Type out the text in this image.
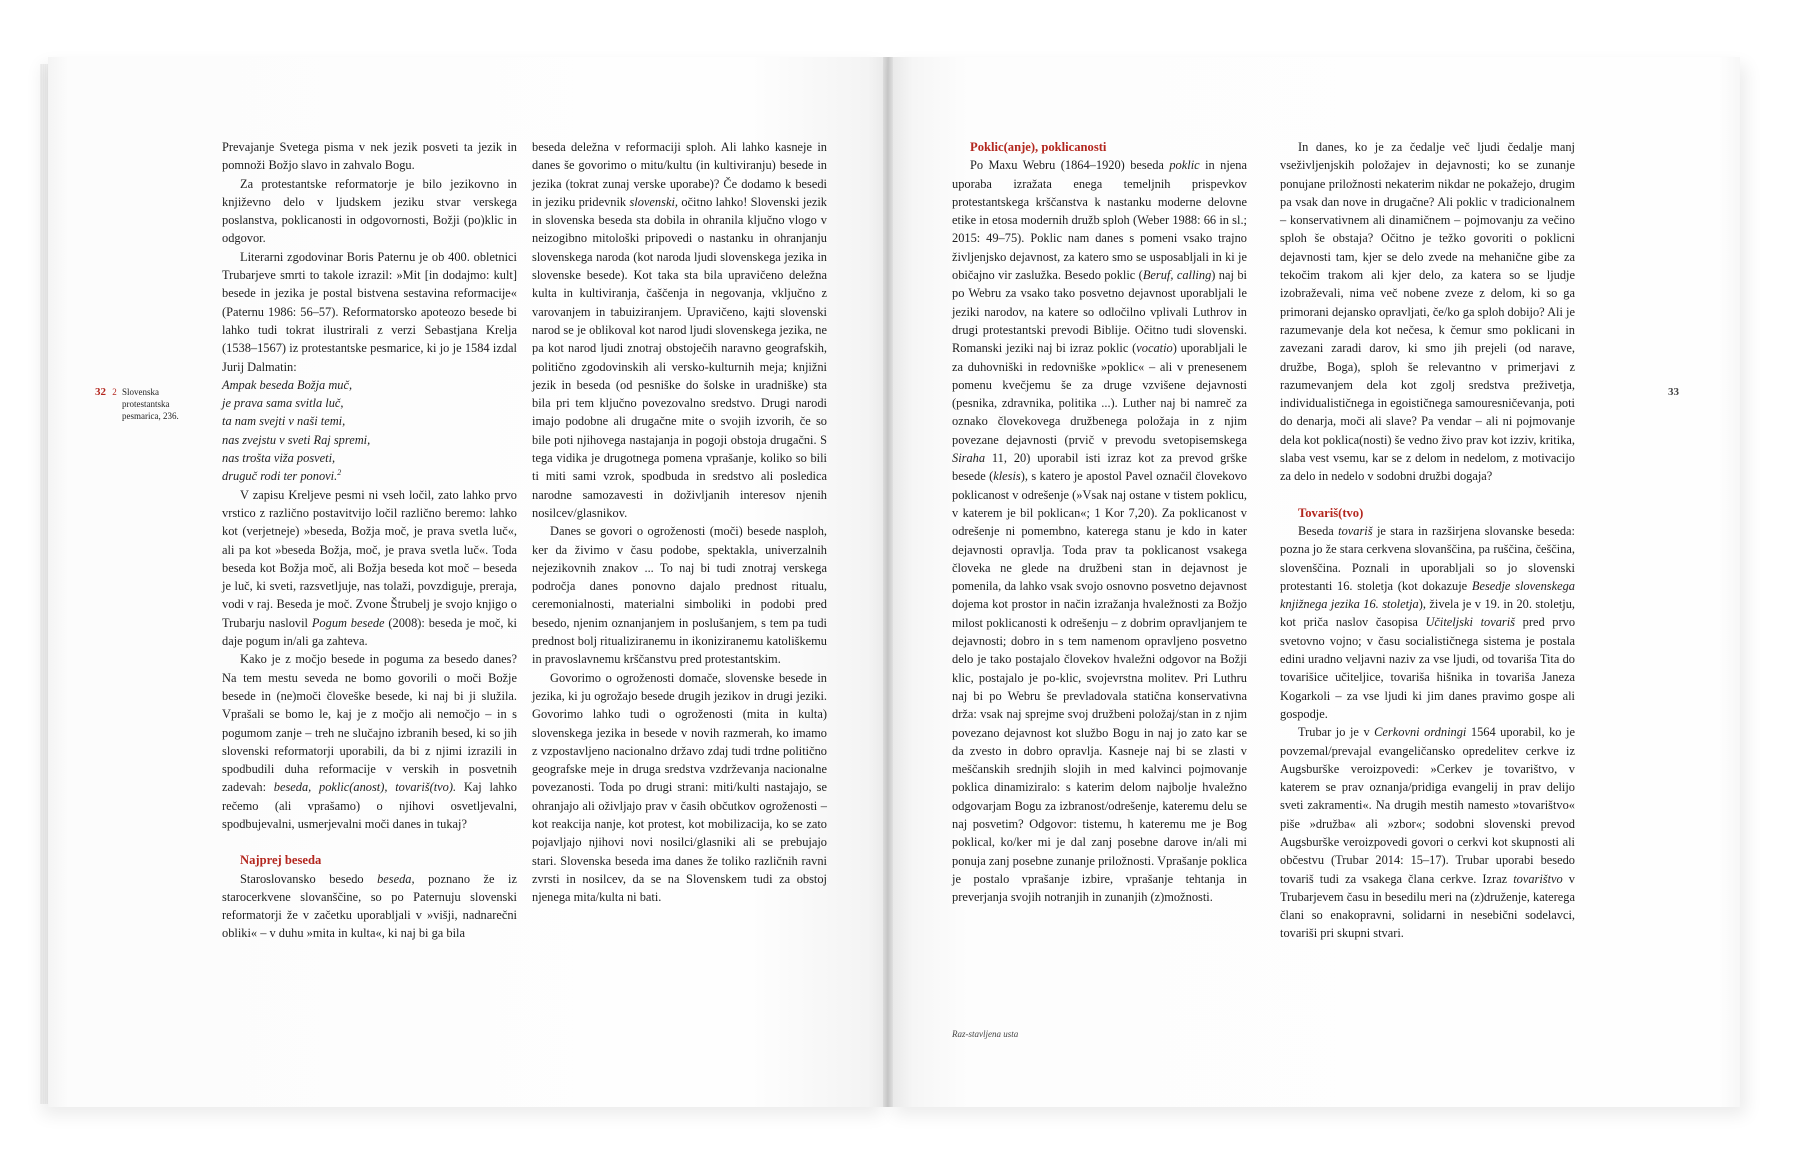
32 2 Slovenska protestantska pesmarica, 236.

Prevajanje Svetega pisma v nek jezik posveti ta jezik in pomnoži Božjo slavo in zahvalo Bogu.

Za protestantske reformatorje je bilo jezikovno in književno delo v ljudskem jeziku stvar verskega poslanstva, poklicanosti in odgovornosti, Božji (po)klic in odgovor.

Literarni zgodovinar Boris Paternu je ob 400. obletnici Trubarjeve smrti to takole izrazil: »Mit [in dodajmo: kult] besede in jezika je postal bistvena sestavina reformacije« (Paternu 1986: 56–57). Reformatorsko apoteozo besede bi lahko tudi tokrat ilustrirali z verzi Sebastjana Krelja (1538–1567) iz protestantske pesmarice, ki jo je 1584 izdal Jurij Dalmatin:

Ampak beseda Božja muč,

je prava sama svitla luč,

ta nam svejti v naši temi,

nas zvejstu v sveti Raj spremi,

nas trošta viža posveti,

druguč rodi ter ponovi.$^2$

V zapisu Kreljeve pesmi ni vseh ločil, zato lahko prvo vrstico z različno postavitvijo ločil različno beremo: lahko kot (verjetneje) »beseda, Božja moč, je prava svetla luč«, ali pa kot »beseda Božja, moč, je prava svetla luč«. Toda beseda kot Božja moč, ali Božja beseda kot moč – beseda je luč, ki sveti, razsvetljuje, nas tolaži, povzdiguje, preraja, vodi v raj. Beseda je moč. Zvone Štrubelj je svojo knjigo o Trubarju naslovil Pogum besede (2008): beseda je moč, ki daje pogum in/ali ga zahteva.

Kako je z močjo besede in poguma za besedo danes? Na tem mestu seveda ne bomo govorili o moči Božje besede in (ne)moči človeške besede, ki naj bi ji služila. Vprašali se bomo le, kaj je z močjo ali nemočjo – in s pogumom zanje – treh ne slučajno izbranih besed, ki so jih slovenski reformatorji uporabili, da bi z njimi izrazili in spodbudili duha reformacije v verskih in posvetnih zadevah: beseda, poklic(anost), tovariš(tvo). Kaj lahko rečemo (ali vprašamo) o njihovi osvetljevalni, spodbujevalni, usmerjevalni moči danes in tukaj?

Najprej beseda

Staroslovansko besedo beseda, poznano že iz starocerkvene slovanščine, so po Paternuju slovenski reformatorji že v začetku uporabljali v »višji, nadnarečni obliki« – v duhu »mita in kulta«, ki naj bi ga bila

beseda deležna v reformaciji sploh. Ali lahko kasneje in danes še govorimo o mitu/kultu (in kultiviranju) besede in jezika (tokrat zunaj verske uporabe)? Če dodamo k besedi in jeziku pridevnik slovenski, očitno lahko! Slovenski jezik in slovenska beseda sta dobila in ohranila ključno vlogo v neizogibno mitološki pripovedi o nastanku in ohranjanju slovenskega naroda (kot naroda ljudi slovenskega jezika in slovenske besede). Kot taka sta bila upravičeno deležna kulta in kultiviranja, čaščenja in negovanja, vključno z varovanjem in tabuiziranjem. Upravičeno, kajti slovenski narod se je oblikoval kot narod ljudi slovenskega jezika, ne pa kot narod ljudi znotraj obstoječih naravno geografskih, politično zgodovinskih ali versko-kulturnih meja; knjižni jezik in beseda (od pesniške do šolske in uradniške) sta bila pri tem ključno povezovalno sredstvo. Drugi narodi imajo podobne ali drugačne mite o svojih izvorih, če so bile poti njihovega nastajanja in pogoji obstoja drugačni. S tega vidika je drugotnega pomena vprašanje, koliko so bili ti miti sami vzrok, spodbuda in sredstvo ali posledica narodne samozavesti in doživljanih interesov njenih nosilcev/glasnikov.

Danes se govori o ogroženosti (moči) besede nasploh, ker da živimo v času podobe, spektakla, univerzalnih nejezikovnih znakov ... To naj bi tudi znotraj verskega področja danes ponovno dajalo prednost ritualu, ceremonialnosti, materialni simboliki in podobi pred besedo, njenim oznanjanjem in poslušanjem, s tem pa tudi prednost bolj ritualiziranemu in ikoniziranemu katoliškemu in pravoslavnemu krščanstvu pred protestantskim.

Govorimo o ogroženosti domače, slovenske besede in jezika, ki ju ogrožajo besede drugih jezikov in drugi jeziki. Govorimo lahko tudi o ogroženosti (mita in kulta) slovenskega jezika in besede v novih razmerah, ko imamo z vzpostavljeno nacionalno državo zdaj tudi trdne politično geografske meje in druga sredstva vzdrževanja nacionalne povezanosti. Toda po drugi strani: miti/kulti nastajajo, se ohranjajo ali oživljajo prav v časih občutkov ogroženosti – kot reakcija nanje, kot protest, kot mobilizacija, ko se zato pojavljajo njihovi novi nosilci/glasniki ali se prebujajo stari. Slovenska beseda ima danes že toliko različnih ravni zvrsti in nosilcev, da se na Slovenskem tudi za obstoj njenega mita/kulta ni bati.

Poklic(anje), poklicanosti

Po Maxu Webru (1864–1920) beseda poklic in njena uporaba izražata enega temeljnih prispevkov protestantskega krščanstva k nastanku moderne delovne etike in etosa modernih družb sploh (Weber 1988: 66 in sl.; 2015: 49–75). Poklic nam danes s pomeni vsako trajno življenjsko dejavnost, za katero smo se usposabljali in ki je običajno vir zaslužka. Besedo poklic (Beruf, calling) naj bi po Webru za vsako tako posvetno dejavnost uporabljali le jeziki narodov, na katere so odločilno vplivali Luthrov in drugi protestantski prevodi Biblije. Očitno tudi slovenski. Romanski jeziki naj bi izraz poklic (vocatio) uporabljali le za duhovniški in redovniške »poklic« – ali v prenesenem pomenu kvečjemu še za druge vzvišene dejavnosti (pesnika, zdravnika, politika ...). Luther naj bi namreč za oznako človekovega družbenega položaja in z njim povezane dejavnosti (prvič v prevodu svetopisemskega Siraha 11, 20) uporabil isti izraz kot za prevod grške besede (klesis), s katero je apostol Pavel označil človekovo poklicanost v odrešenje (»Vsak naj ostane v tistem poklicu, v katerem je bil poklican«; 1 Kor 7,20). Za poklicanost v odrešenje ni pomembno, katerega stanu je kdo in kater dejavnosti opravlja. Toda prav ta poklicanost vsakega človeka ne glede na družbeni stan in dejavnost je pomenila, da lahko vsak svojo osnovno posvetno dejavnost dojema kot prostor in način izražanja hvaležnosti za Božjo milost poklicanosti k odrešenju – z dobrim opravljanjem te dejavnosti; dobro in s tem namenom opravljeno posvetno delo je tako postajalo človekov hvaležni odgovor na Božji klic, postajalo je po-klic, svojevrstna molitev. Pri Luthru naj bi po Webru še prevladovala statična konservativna drža: vsak naj sprejme svoj družbeni položaj/stan in z njim povezano dejavnost kot službo Bogu in naj jo zato kar se da zvesto in dobro opravlja. Kasneje naj bi se zlasti v meščanskih srednjih slojih in med kalvinci pojmovanje poklica dinamiziralo: s katerim delom najbolje hvaležno odgovarjam Bogu za izbranost/odrešenje, kateremu delu se naj posvetim? Odgovor: tistemu, h kateremu me je Bog poklical, ko/ker mi je dal zanj posebne darove in/ali mi ponuja zanj posebne zunanje priložnosti. Vprašanje poklica je postalo vprašanje izbire, vprašanje tehtanja in preverjanja svojih notranjih in zunanjih (z)možnosti.

In danes, ko je za čedalje več ljudi čedalje manj vseživljenjskih položajev in dejavnosti; ko se zunanje ponujane priložnosti nekaterim nikdar ne pokažejo, drugim pa vsak dan nove in drugačne? Ali poklic v tradicionalnem – konservativnem ali dinamičnem – pojmovanju za večino sploh še obstaja? Očitno je težko govoriti o poklicni dejavnosti tam, kjer se delo zvede na mehanične gibe za tekočim trakom ali kjer delo, za katera so se ljudje izobraževali, nima več nobene zveze z delom, ki so ga primorani dejansko opravljati, če/ko ga sploh dobijo? Ali je razumevanje dela kot nečesa, k čemur smo poklicani in zavezani zaradi darov, ki smo jih prejeli (od narave, družbe, Boga), sploh še relevantno v primerjavi z razumevanjem dela kot zgolj sredstva preživetja, individualističnega in egoističnega samouresničevanja, poti do denarja, moči ali slave? Pa vendar – ali ni pojmovanje dela kot poklica(nosti) še vedno živo prav kot izziv, kritika, slaba vest vsemu, kar se z delom in nedelom, z motivacijo za delo in nedelo v sodobni družbi dogaja?

Tovariš(tvo)

Beseda tovariš je stara in razširjena slovanske beseda: pozna jo že stara cerkvena slovanščina, pa ruščina, češčina, slovenščina. Poznali in uporabljali so jo slovenski protestanti 16. stoletja (kot dokazuje Besedje slovenskega knjižnega jezika 16. stoletja), živela je v 19. in 20. stoletju, kot priča naslov časopisa Učiteljski tovariš pred prvo svetovno vojno; v času socialističnega sistema je postala edini uradno veljavni naziv za vse ljudi, od tovariša Tita do tovarišice učiteljice, tovariša hišnika in tovariša Janeza Kogarkoli – za vse ljudi ki jim danes pravimo gospe ali gospodje.

Trubar jo je v Cerkovni ordningi 1564 uporabil, ko je povzemal/prevajal evangeličansko opredelitev cerkve iz Augsburške veroizpovedi: »Cerkev je tovarištvo, v katerem se prav oznanja/pridiga evangelij in prav delijo sveti zakramenti«. Na drugih mestih namesto »tovarištvo« piše »družba« ali »zbor«; sodobni slovenski prevod Augsburške veroizpovedi govori o cerkvi kot skupnosti ali občestvu (Trubar 2014: 15–17). Trubar uporabi besedo tovariš tudi za vsakega člana cerkve. Izraz tovarištvo v Trubarjevem času in besedilu meri na (z)druženje, katerega člani so enakopravni, solidarni in nesebični sodelavci, tovariši pri skupni stvari.

33
Raz-stavljena usta
